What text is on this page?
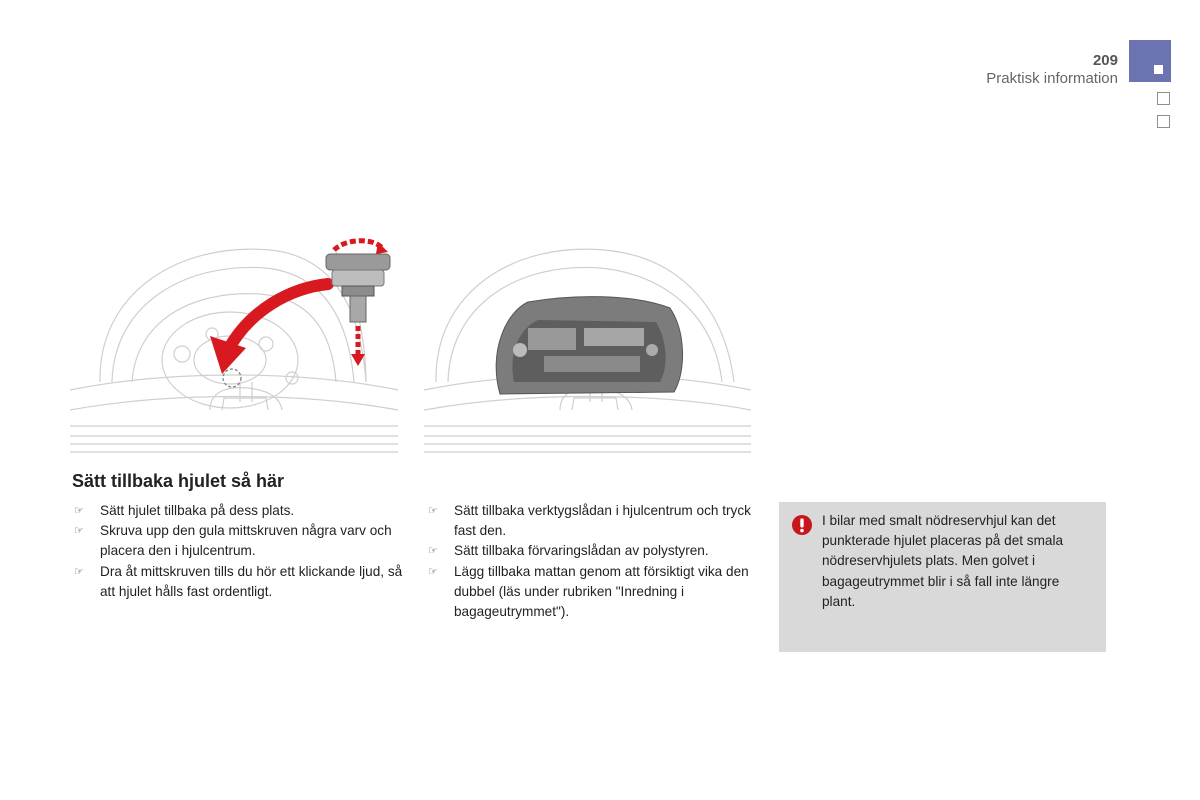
209
Praktisk information
Sätt tillbaka hjulet så här
☞ Sätt hjulet tillbaka på dess plats.
☞ Skruva upp den gula mittskruven några varv och placera den i hjulcentrum.
☞ Dra åt mittskruven tills du hör ett klickande ljud, så att hjulet hålls fast ordentligt.
☞ Sätt tillbaka verktygslådan i hjulcentrum och tryck fast den.
☞ Sätt tillbaka förvaringslådan av polystyren.
☞ Lägg tillbaka mattan genom att försiktigt vika den dubbel (läs under rubriken "Inredning i bagageutrymmet").
I bilar med smalt nödreservhjul kan det punkterade hjulet placeras på det smala nödreservhjulets plats. Men golvet i bagageutrymmet blir i så fall inte längre plant.
